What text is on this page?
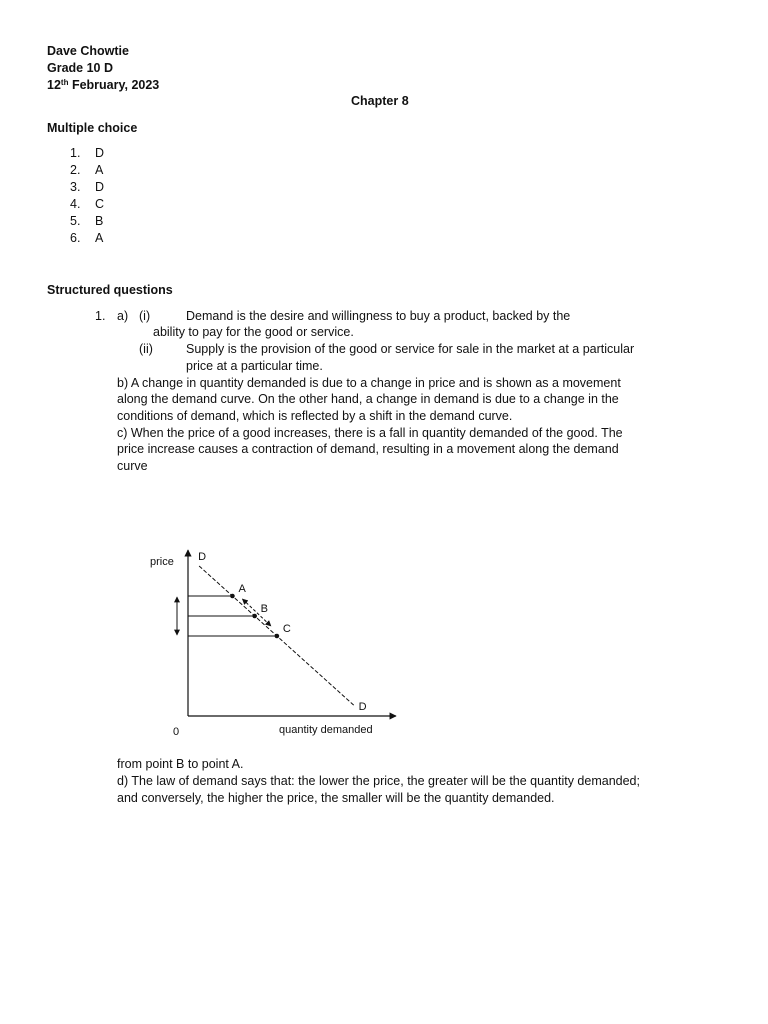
Dave Chowtie
Grade 10 D
12th February, 2023
Chapter 8
Multiple choice
1. D
2. A
3. D
4. C
5. B
6. A
Structured questions
1. a) (i)	Demand is the desire and willingness to buy a product, backed by the
ability to pay for the good or service.
(ii)	Supply is the provision of the good or service for sale in the market at a particular
price at a particular time.
b) A change in quantity demanded is due to a change in price and is shown as a movement
along the demand curve. On the other hand, a change in demand is due to a change in the
conditions of demand, which is reflected by a shift in the demand curve.
c) When the price of a good increases, there is a fall in quantity demanded of the good. The
price increase causes a contraction of demand, resulting in a movement along the demand
curve
price
quantity demanded
0
D
D
A
B
C
from point B to point A.
d) The law of demand says that: the lower the price, the greater will be the quantity demanded;
and conversely, the higher the price, the smaller will be the quantity demanded.
